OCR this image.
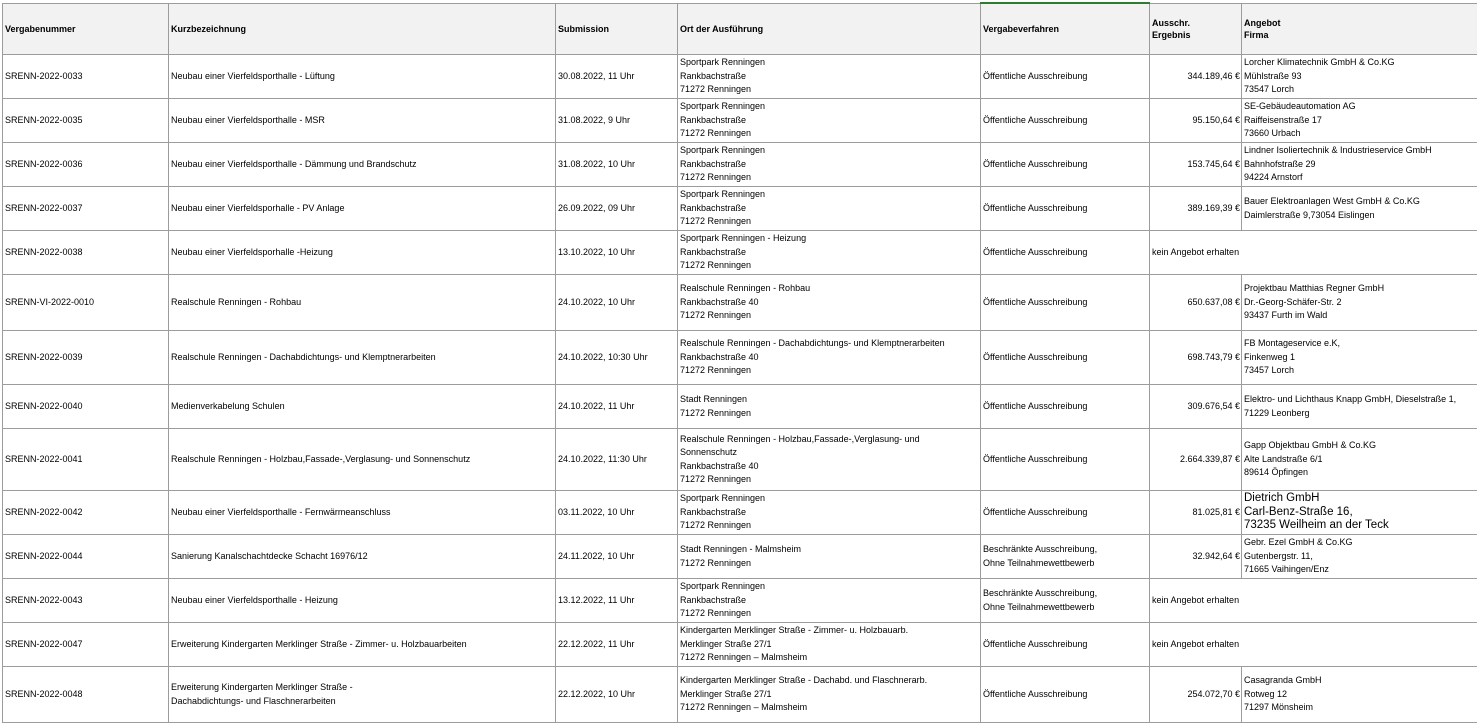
Vergabenummer	Kurzbezeichnung	Submission	Ort der Ausführung	Vergabeverfahren	Ausschr.
Ergebnis	Angebot
Firma

SRENN-2022-0033	Neubau einer Vierfeldsporthalle - Lüftung	30.08.2022, 11 Uhr	Sportpark Renningen
Rankbachstraße
71272 Renningen	Öffentliche Ausschreibung	344.189,46 €	Lorcher Klimatechnik GmbH & Co.KG
Mühlstraße 93
73547 Lorch

SRENN-2022-0035	Neubau einer Vierfeldsporthalle - MSR	31.08.2022, 9 Uhr	Sportpark Renningen
Rankbachstraße
71272 Renningen	Öffentliche Ausschreibung	95.150,64 €	SE-Gebäudeautomation AG
Raiffeisenstraße 17
73660 Urbach

SRENN-2022-0036	Neubau einer Vierfeldsporthalle - Dämmung und Brandschutz	31.08.2022, 10 Uhr	Sportpark Renningen
Rankbachstraße
71272 Renningen	Öffentliche Ausschreibung	153.745,64 €	Lindner Isoliertechnik & Industrieservice GmbH
Bahnhofstraße 29
94224 Arnstorf

SRENN-2022-0037	Neubau einer Vierfeldsporhalle - PV Anlage	26.09.2022, 09 Uhr	Sportpark Renningen
Rankbachstraße
71272 Renningen	Öffentliche Ausschreibung	389.169,39 €	Bauer Elektroanlagen West GmbH & Co.KG
Daimlerstraße 9,73054 Eislingen

SRENN-2022-0038	Neubau einer Vierfeldsporhalle -Heizung	13.10.2022, 10 Uhr	Sportpark Renningen - Heizung
Rankbachstraße
71272 Renningen	Öffentliche Ausschreibung	kein Angebot erhalten	
SRENN-VI-2022-0010	Realschule Renningen - Rohbau	24.10.2022, 10 Uhr	Realschule Renningen - Rohbau
Rankbachstraße 40
71272 Renningen	Öffentliche Ausschreibung	650.637,08 €	Projektbau Matthias Regner GmbH
Dr.-Georg-Schäfer-Str. 2
93437 Furth im Wald

SRENN-2022-0039	Realschule Renningen - Dachabdichtungs- und Klemptnerarbeiten	24.10.2022, 10:30 Uhr	Realschule Renningen - Dachabdichtungs- und Klemptnerarbeiten
Rankbachstraße 40
71272 Renningen	Öffentliche Ausschreibung	698.743,79 €	FB Montageservice e.K,
Finkenweg 1
73457 Lorch

SRENN-2022-0040	Medienverkabelung Schulen	24.10.2022, 11 Uhr	Stadt Renningen
71272 Renningen	Öffentliche Ausschreibung	309.676,54 €	Elektro- und Lichthaus Knapp GmbH, Dieselstraße 1,
71229 Leonberg

SRENN-2022-0041	Realschule Renningen - Holzbau,Fassade-,Verglasung- und Sonnenschutz	24.10.2022, 11:30 Uhr	Realschule Renningen - Holzbau,Fassade-,Verglasung- und
Sonnenschutz
Rankbachstraße 40
71272 Renningen	Öffentliche Ausschreibung	2.664.339,87 €	Gapp Objektbau GmbH & Co.KG
Alte Landstraße 6/1
89614 Öpfingen

SRENN-2022-0042	Neubau einer Vierfeldsporthalle - Fernwärmeanschluss	03.11.2022, 10 Uhr	Sportpark Renningen
Rankbachstraße
71272 Renningen	Öffentliche Ausschreibung	81.025,81 €	Dietrich GmbH
Carl-Benz-Straße 16,
73235 Weilheim an der Teck

SRENN-2022-0044	Sanierung Kanalschachtdecke Schacht 16976/12	24.11.2022, 10 Uhr	Stadt Renningen - Malmsheim
71272 Renningen	Beschränkte Ausschreibung,
Ohne Teilnahmewettbewerb	32.942,64 €	Gebr. Ezel GmbH & Co.KG
Gutenbergstr. 11,
71665 Vaihingen/Enz

SRENN-2022-0043	Neubau einer Vierfeldsporthalle - Heizung	13.12.2022, 11 Uhr	Sportpark Renningen
Rankbachstraße
71272 Renningen	Beschränkte Ausschreibung,
Ohne Teilnahmewettbewerb	kein Angebot erhalten	
SRENN-2022-0047	Erweiterung Kindergarten Merklinger Straße - Zimmer- u. Holzbauarbeiten	22.12.2022, 11 Uhr	Kindergarten Merklinger Straße - Zimmer- u. Holzbauarb.
Merklinger Straße 27/1
71272 Renningen – Malmsheim	Öffentliche Ausschreibung	kein Angebot erhalten	
SRENN-2022-0048	Erweiterung Kindergarten Merklinger Straße -
Dachabdichtungs- und Flaschnerarbeiten	22.12.2022, 10 Uhr	Kindergarten Merklinger Straße - Dachabd. und Flaschnerarb.
Merklinger Straße 27/1
71272 Renningen – Malmsheim	Öffentliche Ausschreibung	254.072,70 €	Casagranda GmbH
Rotweg 12
71297 Mönsheim
